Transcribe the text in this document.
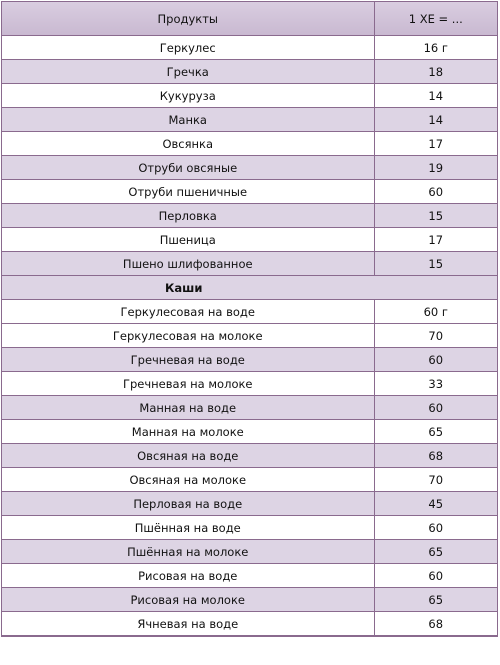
Продукты	1 ХЕ = ...
Геркулес	16 г
Гречка	18
Кукуруза	14
Манка	14
Овсянка	17
Отруби овсяные	19
Отруби пшеничные	60
Перловка	15
Пшеница	17
Пшено шлифованное	15
Каши	
Геркулесовая на воде	60 г
Геркулесовая на молоке	70
Гречневая на воде	60
Гречневая на молоке	33
Манная на воде	60
Манная на молоке	65
Овсяная на воде	68
Овсяная на молоке	70
Перловая на воде	45
Пшённая на воде	60
Пшённая на молоке	65
Рисовая на воде	60
Рисовая на молоке	65
Ячневая на воде	68
